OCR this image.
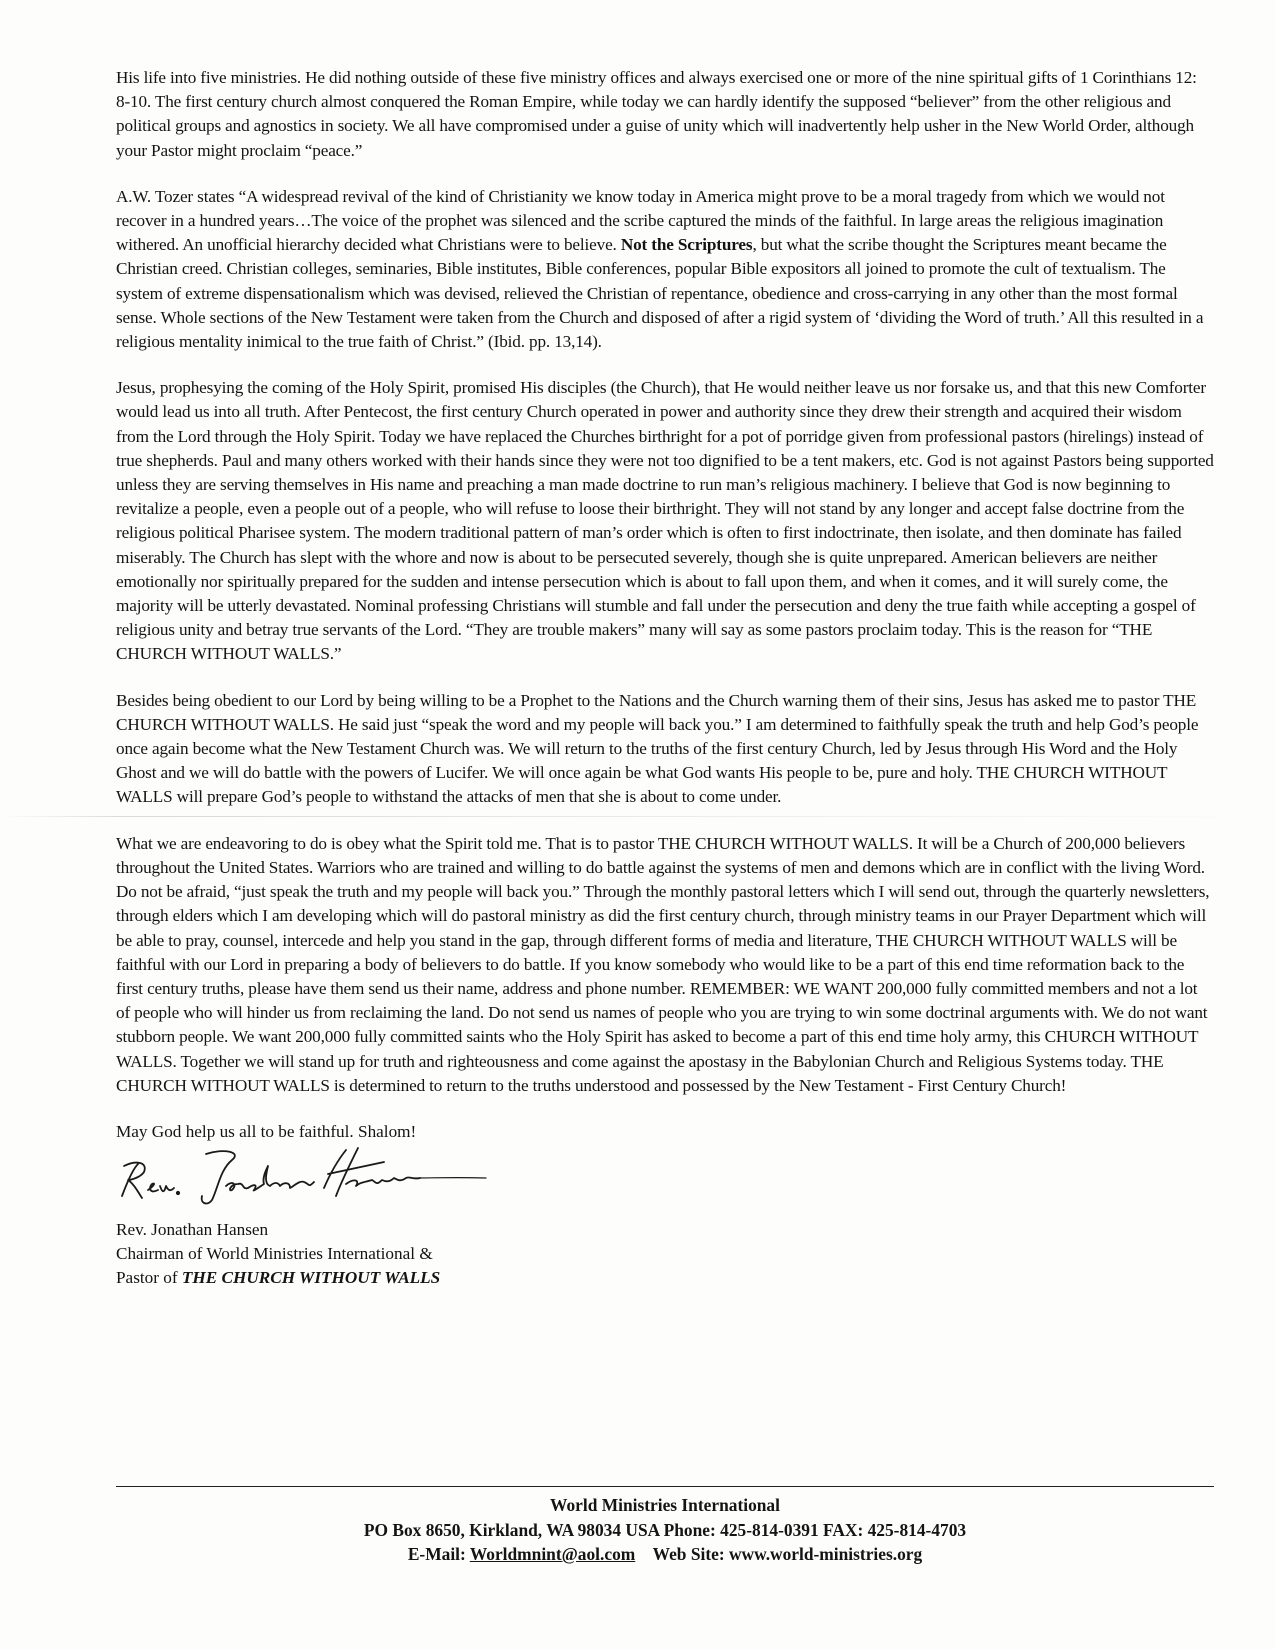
His life into five ministries. He did nothing outside of these five ministry offices and always exercised one or more of the nine spiritual gifts of 1 Corinthians 12: 8-10. The first century church almost conquered the Roman Empire, while today we can hardly identify the supposed “believer” from the other religious and political groups and agnostics in society. We all have compromised under a guise of unity which will inadvertently help usher in the New World Order, although your Pastor might proclaim “peace.”

A.W. Tozer states “A widespread revival of the kind of Christianity we know today in America might prove to be a moral tragedy from which we would not recover in a hundred years…The voice of the prophet was silenced and the scribe captured the minds of the faithful. In large areas the religious imagination withered. An unofficial hierarchy decided what Christians were to believe. Not the Scriptures, but what the scribe thought the Scriptures meant became the Christian creed. Christian colleges, seminaries, Bible institutes, Bible conferences, popular Bible expositors all joined to promote the cult of textualism. The system of extreme dispensationalism which was devised, relieved the Christian of repentance, obedience and cross-carrying in any other than the most formal sense. Whole sections of the New Testament were taken from the Church and disposed of after a rigid system of ‘dividing the Word of truth.’ All this resulted in a religious mentality inimical to the true faith of Christ.” (Ibid. pp. 13,14).

Jesus, prophesying the coming of the Holy Spirit, promised His disciples (the Church), that He would neither leave us nor forsake us, and that this new Comforter would lead us into all truth. After Pentecost, the first century Church operated in power and authority since they drew their strength and acquired their wisdom from the Lord through the Holy Spirit. Today we have replaced the Churches birthright for a pot of porridge given from professional pastors (hirelings) instead of true shepherds. Paul and many others worked with their hands since they were not too dignified to be a tent makers, etc. God is not against Pastors being supported unless they are serving themselves in His name and preaching a man made doctrine to run man’s religious machinery. I believe that God is now beginning to revitalize a people, even a people out of a people, who will refuse to loose their birthright. They will not stand by any longer and accept false doctrine from the religious political Pharisee system. The modern traditional pattern of man’s order which is often to first indoctrinate, then isolate, and then dominate has failed miserably. The Church has slept with the whore and now is about to be persecuted severely, though she is quite unprepared. American believers are neither emotionally nor spiritually prepared for the sudden and intense persecution which is about to fall upon them, and when it comes, and it will surely come, the majority will be utterly devastated. Nominal professing Christians will stumble and fall under the persecution and deny the true faith while accepting a gospel of religious unity and betray true servants of the Lord. “They are trouble makers” many will say as some pastors proclaim today. This is the reason for “THE CHURCH WITHOUT WALLS.”

Besides being obedient to our Lord by being willing to be a Prophet to the Nations and the Church warning them of their sins, Jesus has asked me to pastor THE CHURCH WITHOUT WALLS. He said just “speak the word and my people will back you.” I am determined to faithfully speak the truth and help God’s people once again become what the New Testament Church was. We will return to the truths of the first century Church, led by Jesus through His Word and the Holy Ghost and we will do battle with the powers of Lucifer. We will once again be what God wants His people to be, pure and holy. THE CHURCH WITHOUT WALLS will prepare God’s people to withstand the attacks of men that she is about to come under.

What we are endeavoring to do is obey what the Spirit told me. That is to pastor THE CHURCH WITHOUT WALLS. It will be a Church of 200,000 believers throughout the United States. Warriors who are trained and willing to do battle against the systems of men and demons which are in conflict with the living Word. Do not be afraid, “just speak the truth and my people will back you.” Through the monthly pastoral letters which I will send out, through the quarterly newsletters, through elders which I am developing which will do pastoral ministry as did the first century church, through ministry teams in our Prayer Department which will be able to pray, counsel, intercede and help you stand in the gap, through different forms of media and literature, THE CHURCH WITHOUT WALLS will be faithful with our Lord in preparing a body of believers to do battle. If you know somebody who would like to be a part of this end time reformation back to the first century truths, please have them send us their name, address and phone number. REMEMBER: WE WANT 200,000 fully committed members and not a lot of people who will hinder us from reclaiming the land. Do not send us names of people who you are trying to win some doctrinal arguments with. We do not want stubborn people. We want 200,000 fully committed saints who the Holy Spirit has asked to become a part of this end time holy army, this CHURCH WITHOUT WALLS. Together we will stand up for truth and righteousness and come against the apostasy in the Babylonian Church and Religious Systems today. THE CHURCH WITHOUT WALLS is determined to return to the truths understood and possessed by the New Testament - First Century Church!

May God help us all to be faithful. Shalom!

Rev. Jonathan Hansen
Chairman of World Ministries International &
Pastor of THE CHURCH WITHOUT WALLS
World Ministries International
PO Box 8650, Kirkland, WA 98034 USA Phone: 425-814-0391 FAX: 425-814-4703
E-Mail: Worldmnint@aol.com Web Site: www.world-ministries.org
